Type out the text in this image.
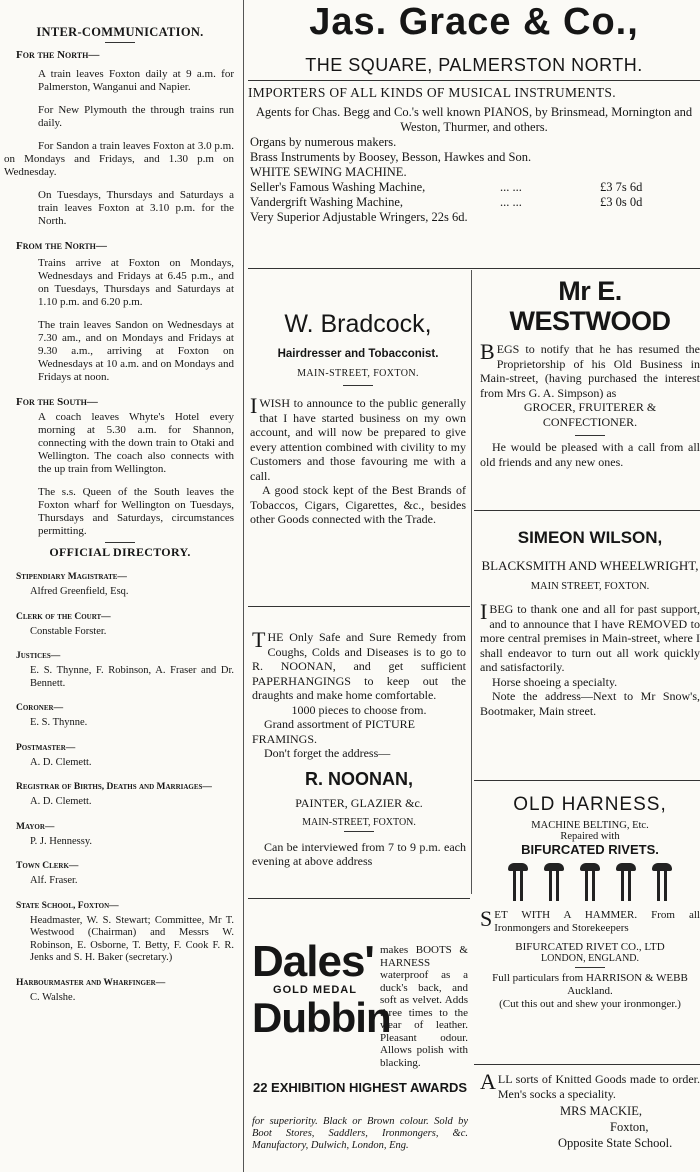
INTER-COMMUNICATION.
For the North—
A train leaves Foxton daily at 9 a.m. for Palmerston, Wanganui and Napier.
For New Plymouth the through trains run daily.
For Sandon a train leaves Foxton at 3.0 p.m. on Mondays and Fridays, and 1.30 p.m on Wednesday.
On Tuesdays, Thursdays and Saturdays a train leaves Foxton at 3.10 p.m. for the North.
From the North—
Trains arrive at Foxton on Mondays, Wednesdays and Fridays at 6.45 p.m., and on Tuesdays, Thursdays and Saturdays at 1.10 p.m. and 6.20 p.m.
The train leaves Sandon on Wednesdays at 7.30 am., and on Mondays and Fridays at 9.30 a.m., arriving at Foxton on Wednesdays at 10 a.m. and on Mondays and Fridays at noon.
For the South—
A coach leaves Whyte's Hotel every morning at 5.30 a.m. for Shannon, connecting with the down train to Otaki and Wellington. The coach also connects with the up train from Wellington.
The s.s. Queen of the South leaves the Foxton wharf for Wellington on Tuesdays, Thursdays and Saturdays, circumstances permitting.
OFFICIAL DIRECTORY.
Stipendiary Magistrate—
Alfred Greenfield, Esq.
Clerk of the Court—
Constable Forster.
Justices—
E. S. Thynne, F. Robinson, A. Fraser and Dr. Bennett.
Coroner—
E. S. Thynne.
Postmaster—
A. D. Clemett.
Registrar of Births, Deaths and Marriages—
A. D. Clemett.
Mayor—
P. J. Hennessy.
Town Clerk—
Alf. Fraser.
State School, Foxton—
Headmaster, W. S. Stewart; Committee, Mr T. Westwood (Chairman) and Messrs W. Robinson, E. Osborne, T. Betty, F. Cook F. R. Jenks and S. H. Baker (secretary.)
Harbourmaster and Wharfinger—
C. Walshe.
Jas. Grace & Co.,
THE SQUARE, PALMERSTON NORTH.
IMPORTERS OF ALL KINDS OF MUSICAL INSTRUMENTS.
Agents for Chas. Begg and Co.'s well known PIANOS, by Brinsmead, Mornington and Weston, Thurmer, and others.
Organs by numerous makers.
Brass Instruments by Boosey, Besson, Hawkes and Son.
WHITE SEWING MACHINE.
Seller's Famous Washing Machine,	... ...	£3 7s 6d
Vandergrift Washing Machine,	... ...	£3 0s 0d
Very Superior Adjustable Wringers, 22s 6d.
W. Bradcock,
Hairdresser and Tobacconist.
MAIN-STREET, FOXTON.
IWISH to announce to the public generally that I have started business on my own account, and will now be prepared to give every attention combined with civility to my Customers and those favouring me with a call.
A good stock kept of the Best Brands of Tobaccos, Cigars, Cigarettes, &c., besides other Goods connected with the Trade.
Mr E. WESTWOOD
BEGS to notify that he has resumed the Proprietorship of his Old Business in Main-street, (having purchased the interest from Mrs G. A. Simpson) as
GROCER, FRUITERER & CONFECTIONER.
He would be pleased with a call from all old friends and any new ones.
SIMEON WILSON,
BLACKSMITH AND WHEELWRIGHT,
MAIN STREET, FOXTON.
IBEG to thank one and all for past support, and to announce that I have REMOVED to more central premises in Main-street, where I shall endeavor to turn out all work quickly and satisfactorily.
Horse shoeing a specialty.
Note the address—Next to Mr Snow's, Bootmaker, Main street.
THE Only Safe and Sure Remedy from Coughs, Colds and Diseases is to go to R. NOONAN, and get sufficient PAPERHANGINGS to keep out the draughts and make home comfortable.
1000 pieces to choose from.
Grand assortment of PICTURE FRAMINGS.
Don't forget the address—
R. NOONAN,
PAINTER, GLAZIER &c.
MAIN-STREET, FOXTON.
Can be interviewed from 7 to 9 p.m. each evening at above address
OLD HARNESS,
MACHINE BELTING, Etc.
Repaired with
BIFURCATED RIVETS.

SET WITH A HAMMER. From all Ironmongers and Storekeepers
BIFURCATED RIVET CO., LTD
LONDON, ENGLAND.
Full particulars from HARRISON & WEBB Auckland.
(Cut this out and shew your ironmonger.)
Dales'
GOLD MEDAL
Dubbin
makes BOOTS & HARNESS waterproof as a duck's back, and soft as velvet. Adds three times to the wear of leather. Pleasant odour. Allows polish with blacking.
22 EXHIBITION HIGHEST AWARDS
for superiority. Black or Brown colour. Sold by Boot Stores, Saddlers, Ironmongers, &c. Manufactory, Dulwich, London, Eng.
ALL sorts of Knitted Goods made to order. Men's socks a speciality.
MRS MACKIE,
Foxton,
Opposite State School.
